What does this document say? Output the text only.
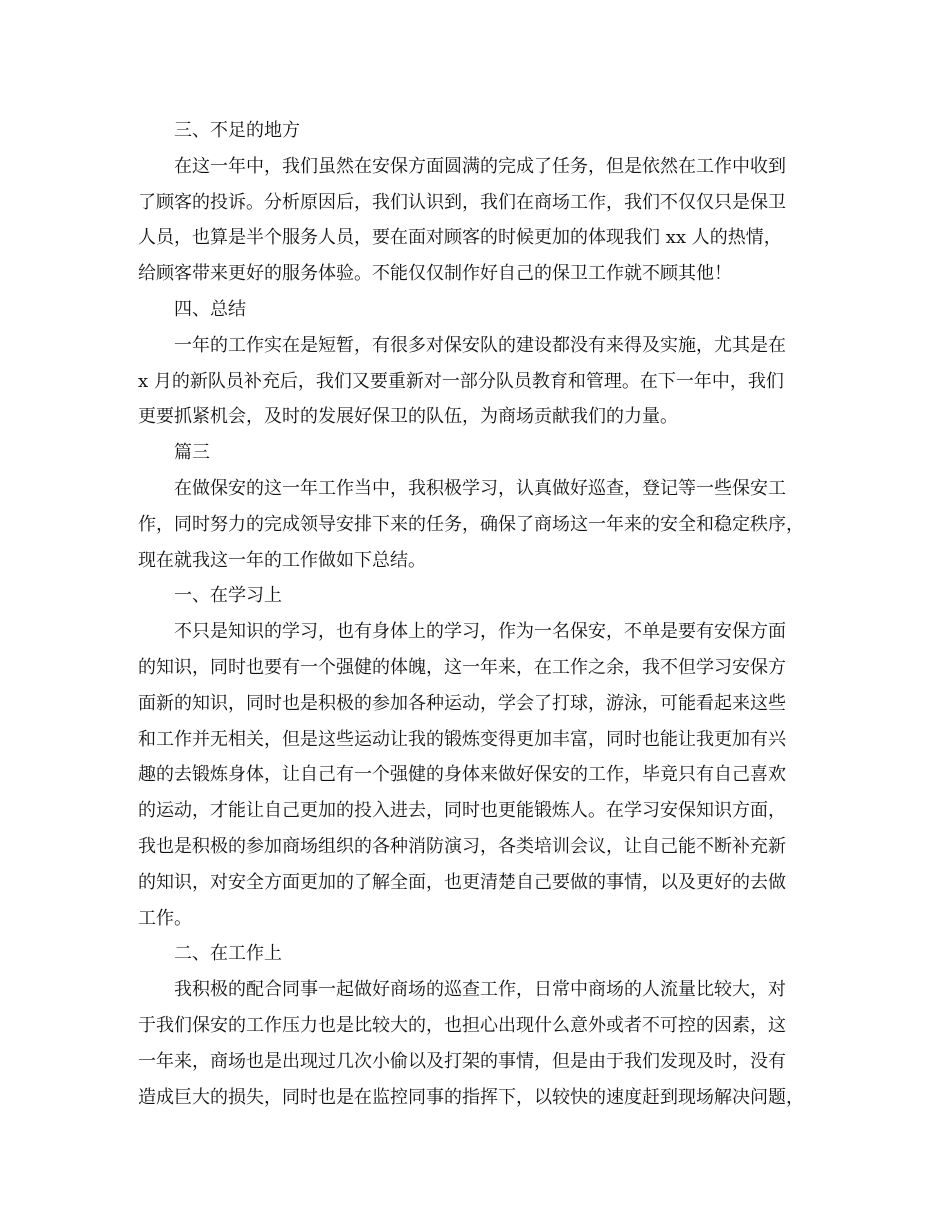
三、不足的地方
在这一年中，我们虽然在安保方面圆满的完成了任务，但是依然在工作中收到
了顾客的投诉。分析原因后，我们认识到，我们在商场工作，我们不仅仅只是保卫
人员，也算是半个服务人员，要在面对顾客的时候更加的体现我们 xx 人的热情，
给顾客带来更好的服务体验。不能仅仅制作好自己的保卫工作就不顾其他！
四、总结
一年的工作实在是短暂，有很多对保安队的建设都没有来得及实施，尤其是在
x 月的新队员补充后，我们又要重新对一部分队员教育和管理。在下一年中，我们
更要抓紧机会，及时的发展好保卫的队伍，为商场贡献我们的力量。
篇三
在做保安的这一年工作当中，我积极学习，认真做好巡查，登记等一些保安工
作，同时努力的完成领导安排下来的任务，确保了商场这一年来的安全和稳定秩序，
现在就我这一年的工作做如下总结。
一、在学习上
不只是知识的学习，也有身体上的学习，作为一名保安，不单是要有安保方面
的知识，同时也要有一个强健的体魄，这一年来，在工作之余，我不但学习安保方
面新的知识，同时也是积极的参加各种运动，学会了打球，游泳，可能看起来这些
和工作并无相关，但是这些运动让我的锻炼变得更加丰富，同时也能让我更加有兴
趣的去锻炼身体，让自己有一个强健的身体来做好保安的工作，毕竟只有自己喜欢
的运动，才能让自己更加的投入进去，同时也更能锻炼人。在学习安保知识方面，
我也是积极的参加商场组织的各种消防演习，各类培训会议，让自己能不断补充新
的知识，对安全方面更加的了解全面，也更清楚自己要做的事情，以及更好的去做
工作。
二、在工作上
我积极的配合同事一起做好商场的巡查工作，日常中商场的人流量比较大，对
于我们保安的工作压力也是比较大的，也担心出现什么意外或者不可控的因素，这
一年来，商场也是出现过几次小偷以及打架的事情，但是由于我们发现及时，没有
造成巨大的损失，同时也是在监控同事的指挥下，以较快的速度赶到现场解决问题，
